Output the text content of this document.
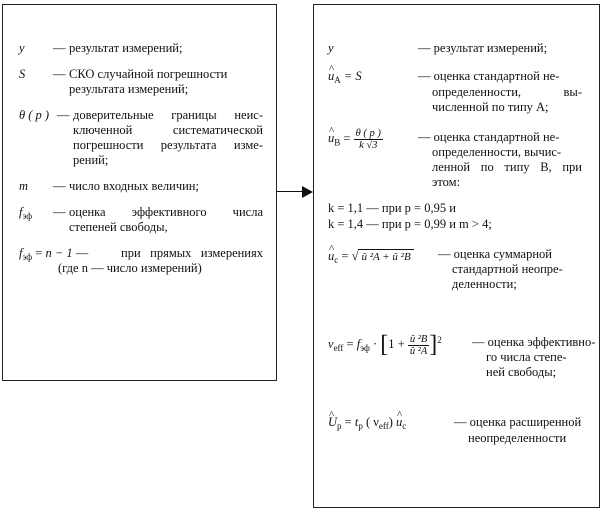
y — результат измерений;
S — СКО случайной погрешности
результата измерений;
θ ( p ) — доверительные границы неис-
ключенной систематической
погрешности результата изме-
рений;
m — число входных величин;
$f_{эф}$ — оценка эффективного числа
степеней свободы,
$f_{эф} = n - 1$ —	при прямых измерениях
(где n — число измерений)
y	— результат измерений;
^ $u_A = S$	— оценка стандартной не-
определенности, вы-
численной по типу А;
^ $u_B = \frac{\theta ( p )}{k √3}$	— оценка стандартной не-
определенности, вычис-
ленной по типу В, при
этом:
k = 1,1 — при p = 0,95 и
k = 1,4 — при p = 0,99 и m > 4;
^ $u_c$ = √ û ²A + û ²B — оценка суммарной
стандартной неопре-
деленности;
$\nu_{eff} = f_{эф} \cdot [1 + \frac{\text{û ²B}}{\text{û ²A}} ]^2$ — оценка эффективно-
го числа степе-
ней свободы;
^ $U_p = t_p$ ( $\nu_{eff}$) ^ $u_c$	— оценка расширенной
неопределенности
